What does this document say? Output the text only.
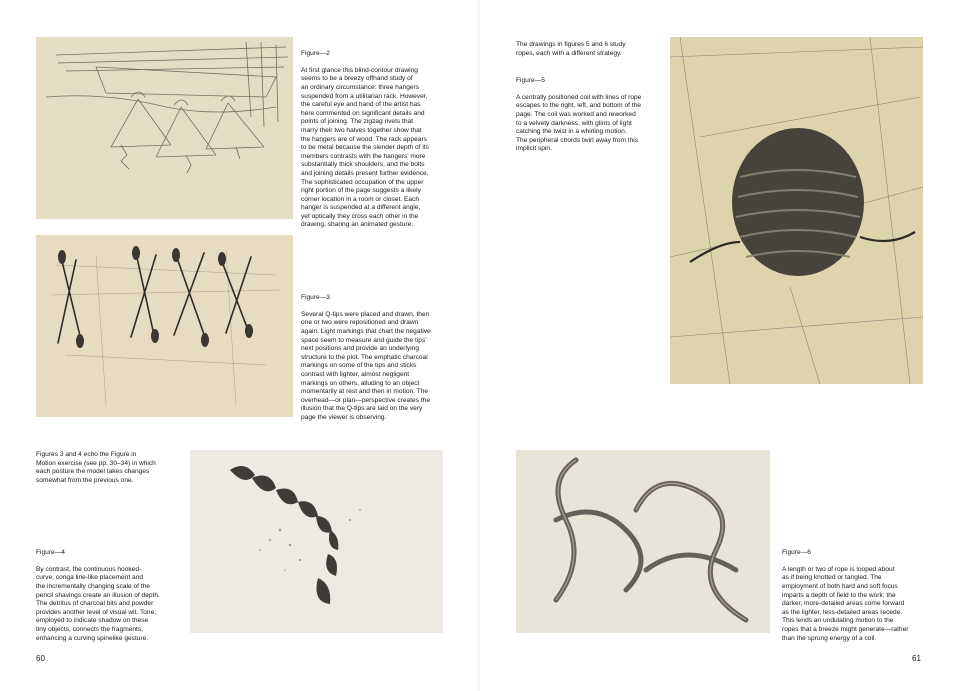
Figure—2

At first glance this blind-contour drawing
seems to be a breezy offhand study of
an ordinary circumstance: three hangers
suspended from a utilitarian rack. However,
the careful eye and hand of the artist has
here commented on significant details and
points of joining. The zigzag rivets that
marry their two halves together show that
the hangers are of wood. The rack appears
to be metal because the slender depth of its
members contrasts with the hangers’ more
substantially thick shoulders, and the bolts
and joining details present further evidence.
The sophisticated occupation of the upper
right portion of the page suggests a likely
corner location in a room or closet. Each
hanger is suspended at a different angle,
yet optically they cross each other in the
drawing, sharing an animated gesture.

Figure—3

Several Q-tips were placed and drawn, then
one or two were repositioned and drawn
again. Light markings that chart the negative
space seem to measure and guide the tips’
next positions and provide an underlying
structure to the plot. The emphatic charcoal
markings on some of the tips and sticks
contrast with lighter, almost negligent
markings on others, alluding to an object
momentarily at rest and then in motion. The
overhead—or plan—perspective creates the
illusion that the Q-tips are laid on the very
page the viewer is observing.

Figures 3 and 4 echo the Figure in
Motion exercise (see pp. 30–34) in which
each posture the model takes changes
somewhat from the previous one.

Figure—4

By contrast, the continuous hooked-
curve, conga line-like placement and
the incrementally changing scale of the
pencil shavings create an illusion of depth.
The detritus of charcoal bits and powder
provides another level of visual wit. Tone,
employed to indicate shadow on these
tiny objects, connects the fragments,
enhancing a curving spinelike gesture.

60
The drawings in figures 5 and 6 study
ropes, each with a different strategy.

Figure—5

A centrally positioned coil with lines of rope
escapes to the right, left, and bottom of the
page. The coil was worked and reworked
to a velvety darkness, with glints of light
catching the twist in a whirling motion.
The peripheral chords twirl away from this
implicit spin.

Figure—6

A length or two of rope is looped about
as if being knotted or tangled. The
employment of both hard and soft focus
imparts a depth of field to the work: the
darker, more-detailed areas come forward
as the lighter, less-detailed areas recede.
This lends an undulating motion to the
ropes that a breeze might generate—rather
than the sprung energy of a coil.

61
